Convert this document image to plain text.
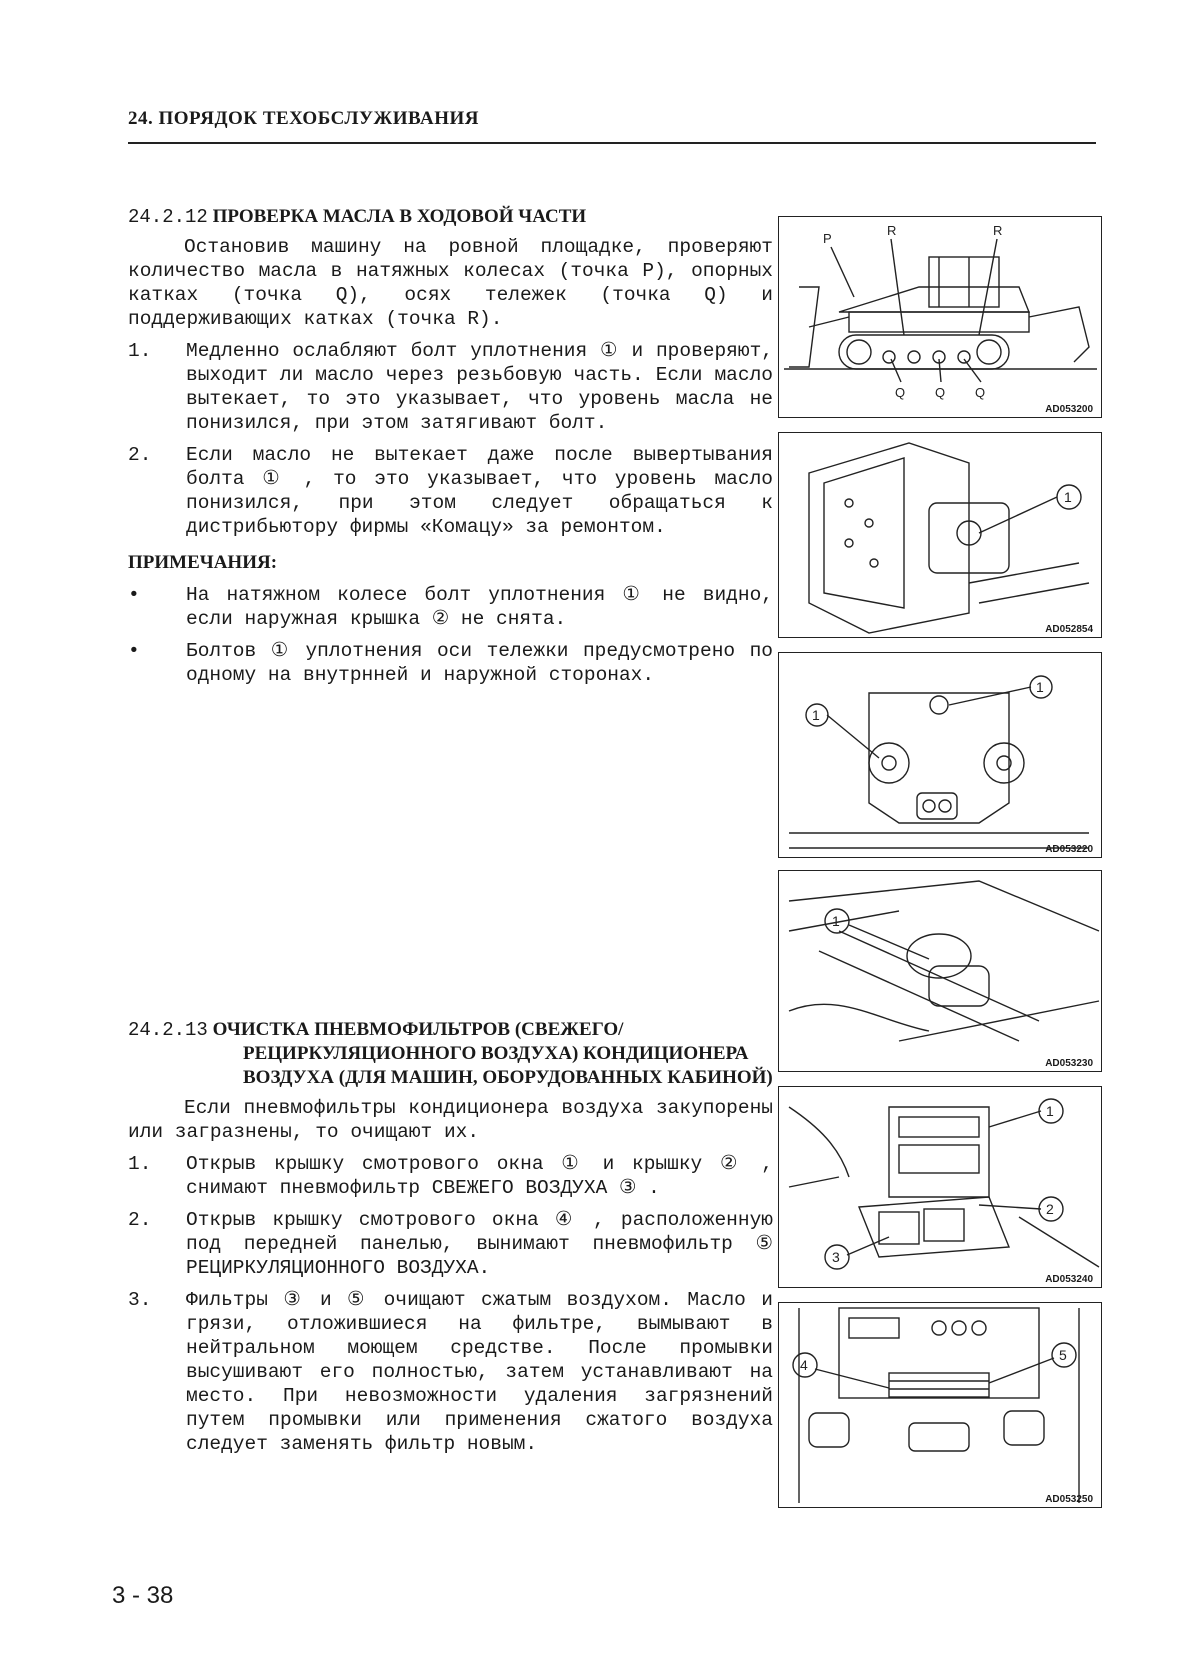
24. ПОРЯДОК ТЕХОБСЛУЖИВАНИЯ
24.2.12 ПРОВЕРКА МАСЛА В ХОДОВОЙ ЧАСТИ

Остановив машину на ровной площадке, проверяют количество масла в натяжных колесах (точка P), опорных катках (точка Q), осях тележек (точка Q) и поддерживающих катках (точка R).

1. Медленно ослабляют болт уплотнения ① и проверяют, выходит ли масло через резьбовую часть. Если масло вытекает, то это указывает, что уровень масла не понизился, при этом затягивают болт.
2. Если масло не вытекает даже после вывертывания болта ① , то это указывает, что уровень масло понизился, при этом следует обращаться к дистрибьютору фирмы «Комацу» за ремонтом.
ПРИМЕЧАНИЯ:
• На натяжном колесе болт уплотнения ① не видно, если наружная крышка ② не снята.
• Болтов ① уплотнения оси тележки предусмотрено по одному на внутрнней и наружной сторонах.
24.2.13 ОЧИСТКА ПНЕВМОФИЛЬТРОВ (СВЕЖЕГО/РЕЦИРКУЛЯЦИОННОГО ВОЗДУХА) КОНДИЦИОНЕРА ВОЗДУХА (ДЛЯ МАШИН, ОБОРУДОВАННЫХ КАБИНОЙ)

Если пневмофильтры кондиционера воздуха закупорены или загразнены, то очищают их.

1. Открыв крышку смотрового окна ① и крышку ② , снимают пневмофильтр СВЕЖЕГО ВОЗДУХА ③ .
2. Открыв крышку смотрового окна ④ , расположенную под передней панелью, вынимают пневмофильтр ⑤ РЕЦИРКУЛЯЦИОННОГО ВОЗДУХА.
3. Фильтры ③ и ⑤ очищают сжатым воздухом. Масло и грязи, отложившиеся на фильтре, вымывают в нейтральном моющем средстве. После промывки высушивают его полностью, затем устанавливают на место. При невозможности удаления загрязнений путем промывки или применения сжатого воздуха следует заменять фильтр новым.
P
R	R
Q Q Q
AD053200
1
AD052854
1
1
AD053220
1
AD053230
1
2
3
AD053240
4
5
AD053250
3 - 38
